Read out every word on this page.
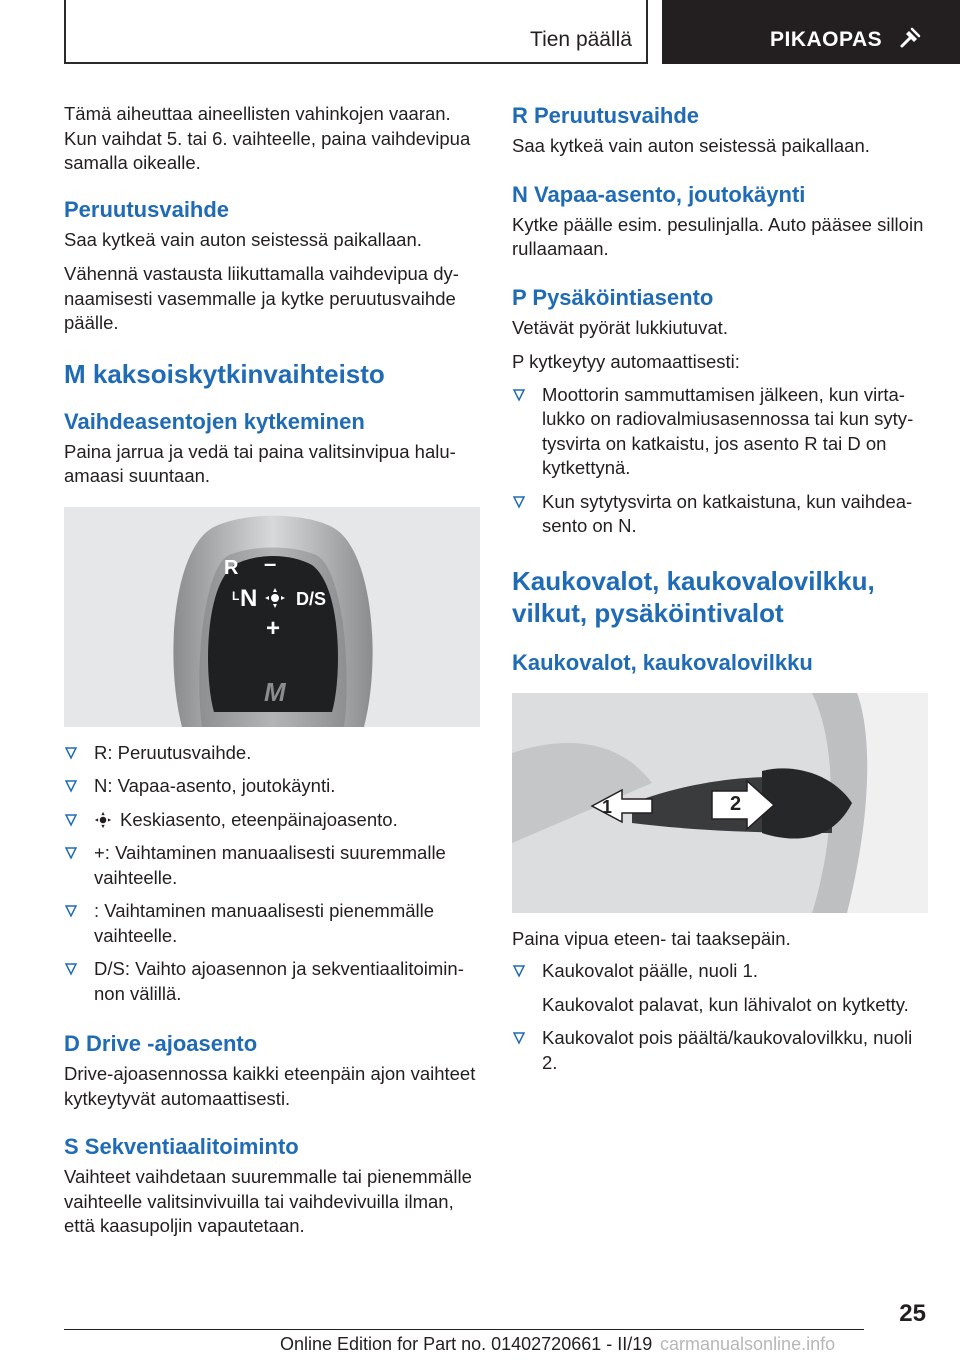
Tien päällä	PIKAOPAS

Tämä aiheuttaa aineellisten vahinkojen vaaran. Kun vaihdat 5. tai 6. vaihteelle, paina vaihdevipua samalla oikealle.

Peruutusvaihde

Saa kytkeä vain auton seistessä paikallaan.

Vähennä vastausta liikuttamalla vaihdevipua dynaamisesti vasemmalle ja kytke peruutusvaihde päälle.

M kaksoiskytkinvaihteisto
Vaihdeasentojen kytkeminen

Paina jarrua ja vedä tai paina valitsinvipua haluamaasi suuntaan.

R –
L N D/S
+
M
R: Peruutusvaihde.
N: Vapaa-asento, joutokäynti.
Keskiasento, eteenpäinajoasento.
+: Vaihtaminen manuaalisesti suuremmalle vaihteelle.
: Vaihtaminen manuaalisesti pienemmälle vaihteelle.
D/S: Vaihto ajoasennon ja sekventiaalitoiminnon välillä.
D Drive -ajoasento

Drive-ajoasennossa kaikki eteenpäin ajon vaihteet kytkeytyvät automaattisesti.

S Sekventiaalitoiminto

Vaihteet vaihdetaan suuremmalle tai pienemmälle vaihteelle valitsinvivuilla tai vaihdevivuilla ilman, että kaasupoljin vapautetaan.

R Peruutusvaihde

Saa kytkeä vain auton seistessä paikallaan.

N Vapaa-asento, joutokäynti

Kytke päälle esim. pesulinjalla. Auto pääsee silloin rullaamaan.

P Pysäköintiasento

Vetävät pyörät lukkiutuvat.

P kytkeytyy automaattisesti:

Moottorin sammuttamisen jälkeen, kun virtalukko on radiovalmiusasennossa tai kun sytytysvirta on katkaistu, jos asento R tai D on kytkettynä.
Kun sytytysvirta on katkaistuna, kun vaihdeasento on N.
Kaukovalot, kaukovalovilkku, vilkut, pysäköintivalot
Kaukovalot, kaukovalovilkku
1	2

Paina vipua eteen- tai taaksepäin.

Kaukovalot päälle, nuoli 1.

Kaukovalot palavat, kun lähivalot on kytketty.

Kaukovalot pois päältä/kaukovalovilkku, nuoli 2.
25
Online Edition for Part no. 01402720661 - II/19 carmanualsonline.info
